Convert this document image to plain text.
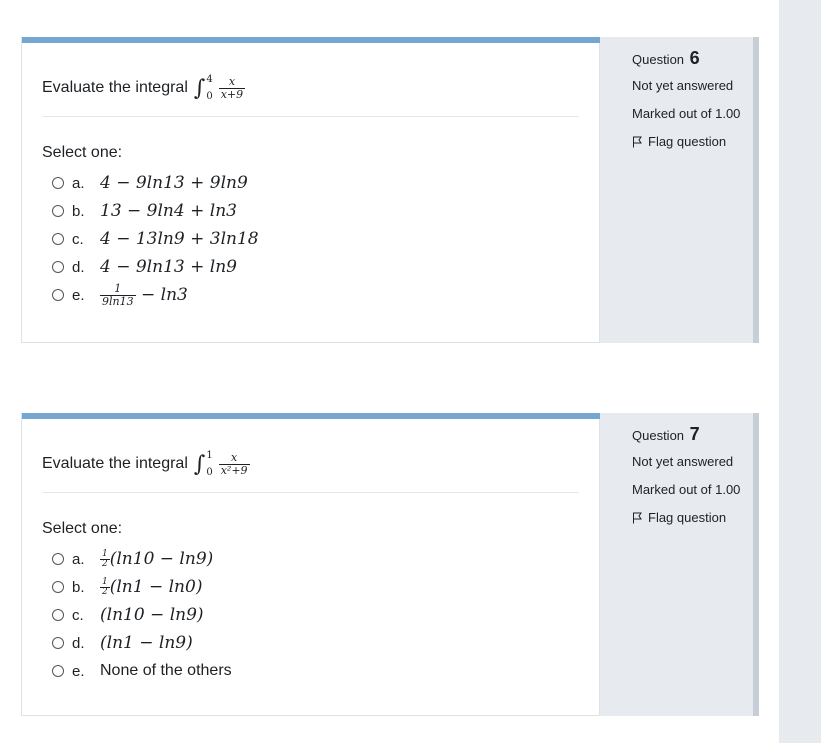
Evaluate the integral ∫ 4
$0 \frac{x}{x+9}$
Select one:
a. 4 − 9ln13 + 9ln9
b. 13 − 9ln4 + ln3
c. 4 − 13ln9 + 3ln18
d. 4 − 9ln13 + ln9
e.	$\frac{1}{9\ln 13} - \ln 3$
Question 6
Not yet answered
Marked out of 1.00
Flag question
Evaluate the integral ∫ 1
$0 \frac{x}{\text{x²+9}}$
Select one:
a.	$\frac{1}{2} (\ln 10 - \ln 9)$
b.	$\frac{1}{2} (\ln 1 - \ln 0)$
c. (ln10 − ln9)
d. (ln1 − ln9)
e. None of the others
Question 7
Not yet answered
Marked out of 1.00
Flag question
